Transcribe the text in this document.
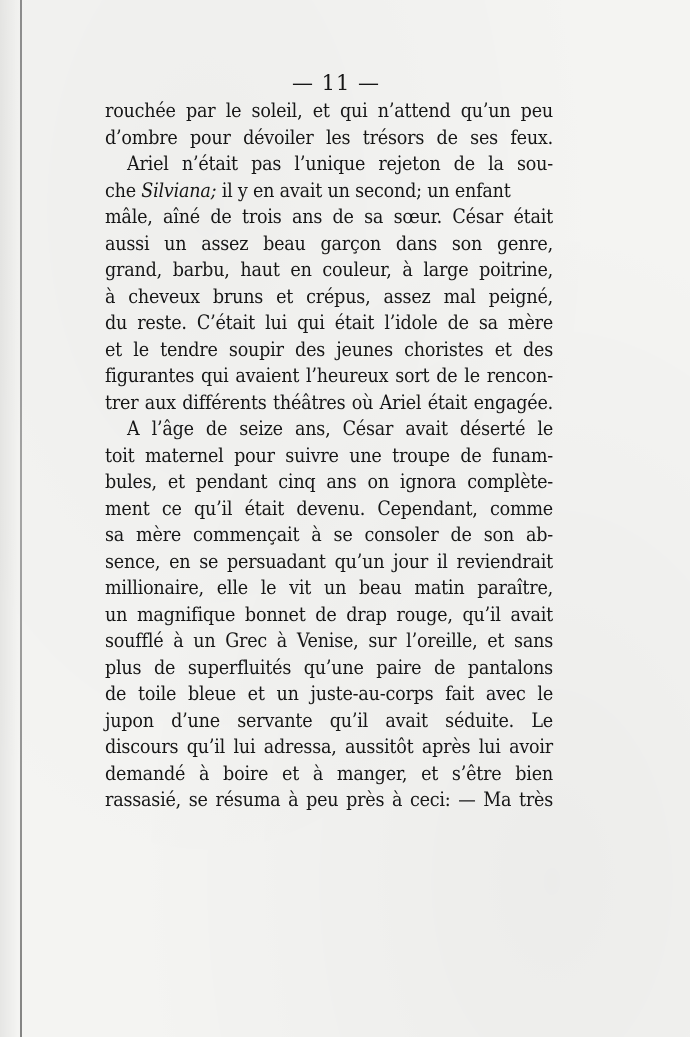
— 11 —
rouchée par le soleil, et qui n’attend qu’un peu
d’ombre pour dévoiler les trésors de ses feux.
Ariel n’était pas l’unique rejeton de la sou-
che Silviana; il y en avait un second; un enfant
mâle, aîné de trois ans de sa sœur. César était
aussi un assez beau garçon dans son genre,
grand, barbu, haut en couleur, à large poitrine,
à cheveux bruns et crépus, assez mal peigné,
du reste. C’était lui qui était l’idole de sa mère
et le tendre soupir des jeunes choristes et des
figurantes qui avaient l’heureux sort de le rencon-
trer aux différents théâtres où Ariel était engagée.
A l’âge de seize ans, César avait déserté le
toit maternel pour suivre une troupe de funam-
bules, et pendant cinq ans on ignora complète-
ment ce qu’il était devenu. Cependant, comme
sa mère commençait à se consoler de son ab-
sence, en se persuadant qu’un jour il reviendrait
millionaire, elle le vit un beau matin paraître,
un magnifique bonnet de drap rouge, qu’il avait
soufflé à un Grec à Venise, sur l’oreille, et sans
plus de superfluités qu’une paire de pantalons
de toile bleue et un juste-au-corps fait avec le
jupon d’une servante qu’il avait séduite. Le
discours qu’il lui adressa, aussitôt après lui avoir
demandé à boire et à manger, et s’être bien
rassasié, se résuma à peu près à ceci: — Ma très
